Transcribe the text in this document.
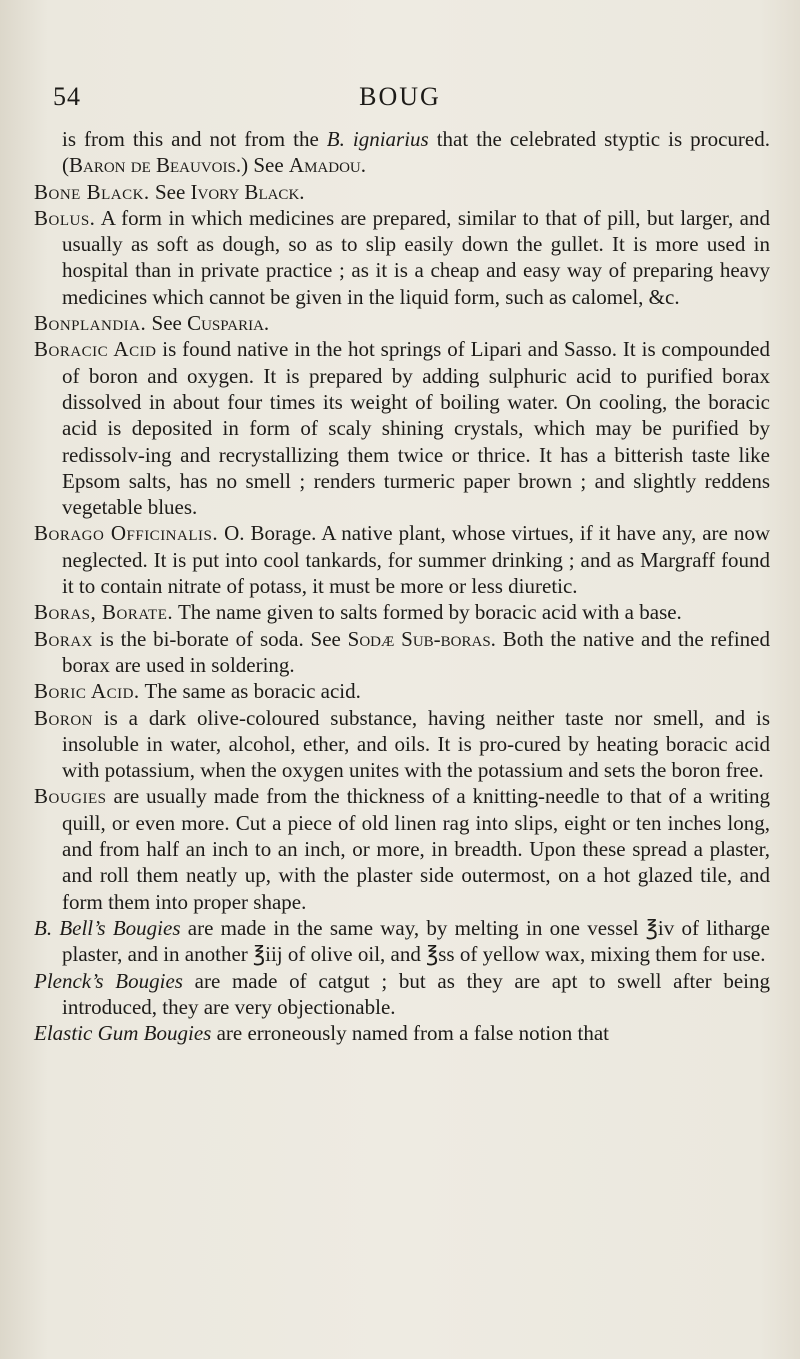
54	BOUG

is from this and not from the B. igniarius that the celebrated styptic is procured. (Baron de Beauvois.) See Amadou.

Bone Black. See Ivory Black.

Bolus. A form in which medicines are prepared, similar to that of pill, but larger, and usually as soft as dough, so as to slip easily down the gullet. It is more used in hospital than in private practice ; as it is a cheap and easy way of preparing heavy medicines which cannot be given in the liquid form, such as calomel, &c.

Bonplandia. See Cusparia.

Boracic Acid is found native in the hot springs of Lipari and Sasso. It is compounded of boron and oxygen. It is prepared by adding sulphuric acid to purified borax dissolved in about four times its weight of boiling water. On cooling, the boracic acid is deposited in form of scaly shining crystals, which may be purified by redissolv-ing and recrystallizing them twice or thrice. It has a bitterish taste like Epsom salts, has no smell ; renders turmeric paper brown ; and slightly reddens vegetable blues.

Borago Officinalis. O. Borage. A native plant, whose virtues, if it have any, are now neglected. It is put into cool tankards, for summer drinking ; and as Margraff found it to contain nitrate of potass, it must be more or less diuretic.

Boras, Borate. The name given to salts formed by boracic acid with a base.

Borax is the bi-borate of soda. See Sodæ Sub-boras. Both the native and the refined borax are used in soldering.

Boric Acid. The same as boracic acid.

Boron is a dark olive-coloured substance, having neither taste nor smell, and is insoluble in water, alcohol, ether, and oils. It is pro-cured by heating boracic acid with potassium, when the oxygen unites with the potassium and sets the boron free.

Bougies are usually made from the thickness of a knitting-needle to that of a writing quill, or even more. Cut a piece of old linen rag into slips, eight or ten inches long, and from half an inch to an inch, or more, in breadth. Upon these spread a plaster, and roll them neatly up, with the plaster side outermost, on a hot glazed tile, and form them into proper shape.

B. Bell’s Bougies are made in the same way, by melting in one vessel ℥iv of litharge plaster, and in another ℥iij of olive oil, and ℥ss of yellow wax, mixing them for use.

Plenck’s Bougies are made of catgut ; but as they are apt to swell after being introduced, they are very objectionable.

Elastic Gum Bougies are erroneously named from a false notion that
